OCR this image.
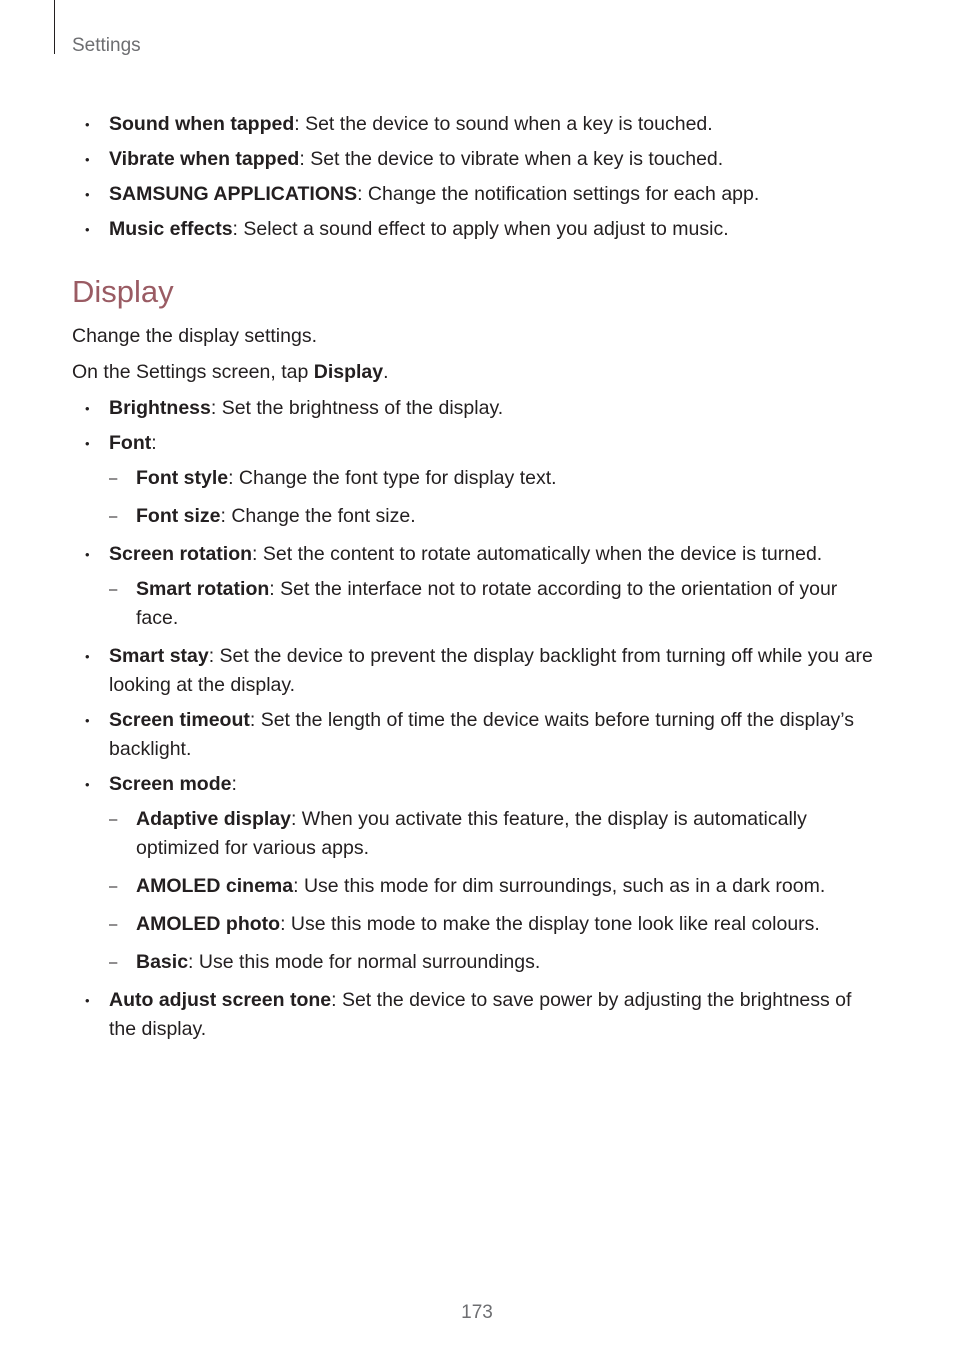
Settings
• Sound when tapped: Set the device to sound when a key is touched.
• Vibrate when tapped: Set the device to vibrate when a key is touched.
• SAMSUNG APPLICATIONS: Change the notification settings for each app.
• Music effects: Select a sound effect to apply when you adjust to music.
Display

Change the display settings.

On the Settings screen, tap Display.

• Brightness: Set the brightness of the display.
• Font:
– Font style: Change the font type for display text.
– Font size: Change the font size.
• Screen rotation: Set the content to rotate automatically when the device is turned.
– Smart rotation: Set the interface not to rotate according to the orientation of your face.
• Smart stay: Set the device to prevent the display backlight from turning off while you are looking at the display.
• Screen timeout: Set the length of time the device waits before turning off the display’s backlight.
• Screen mode:
– Adaptive display: When you activate this feature, the display is automatically optimized for various apps.
– AMOLED cinema: Use this mode for dim surroundings, such as in a dark room.
– AMOLED photo: Use this mode to make the display tone look like real colours.
– Basic: Use this mode for normal surroundings.
• Auto adjust screen tone: Set the device to save power by adjusting the brightness of the display.
173
